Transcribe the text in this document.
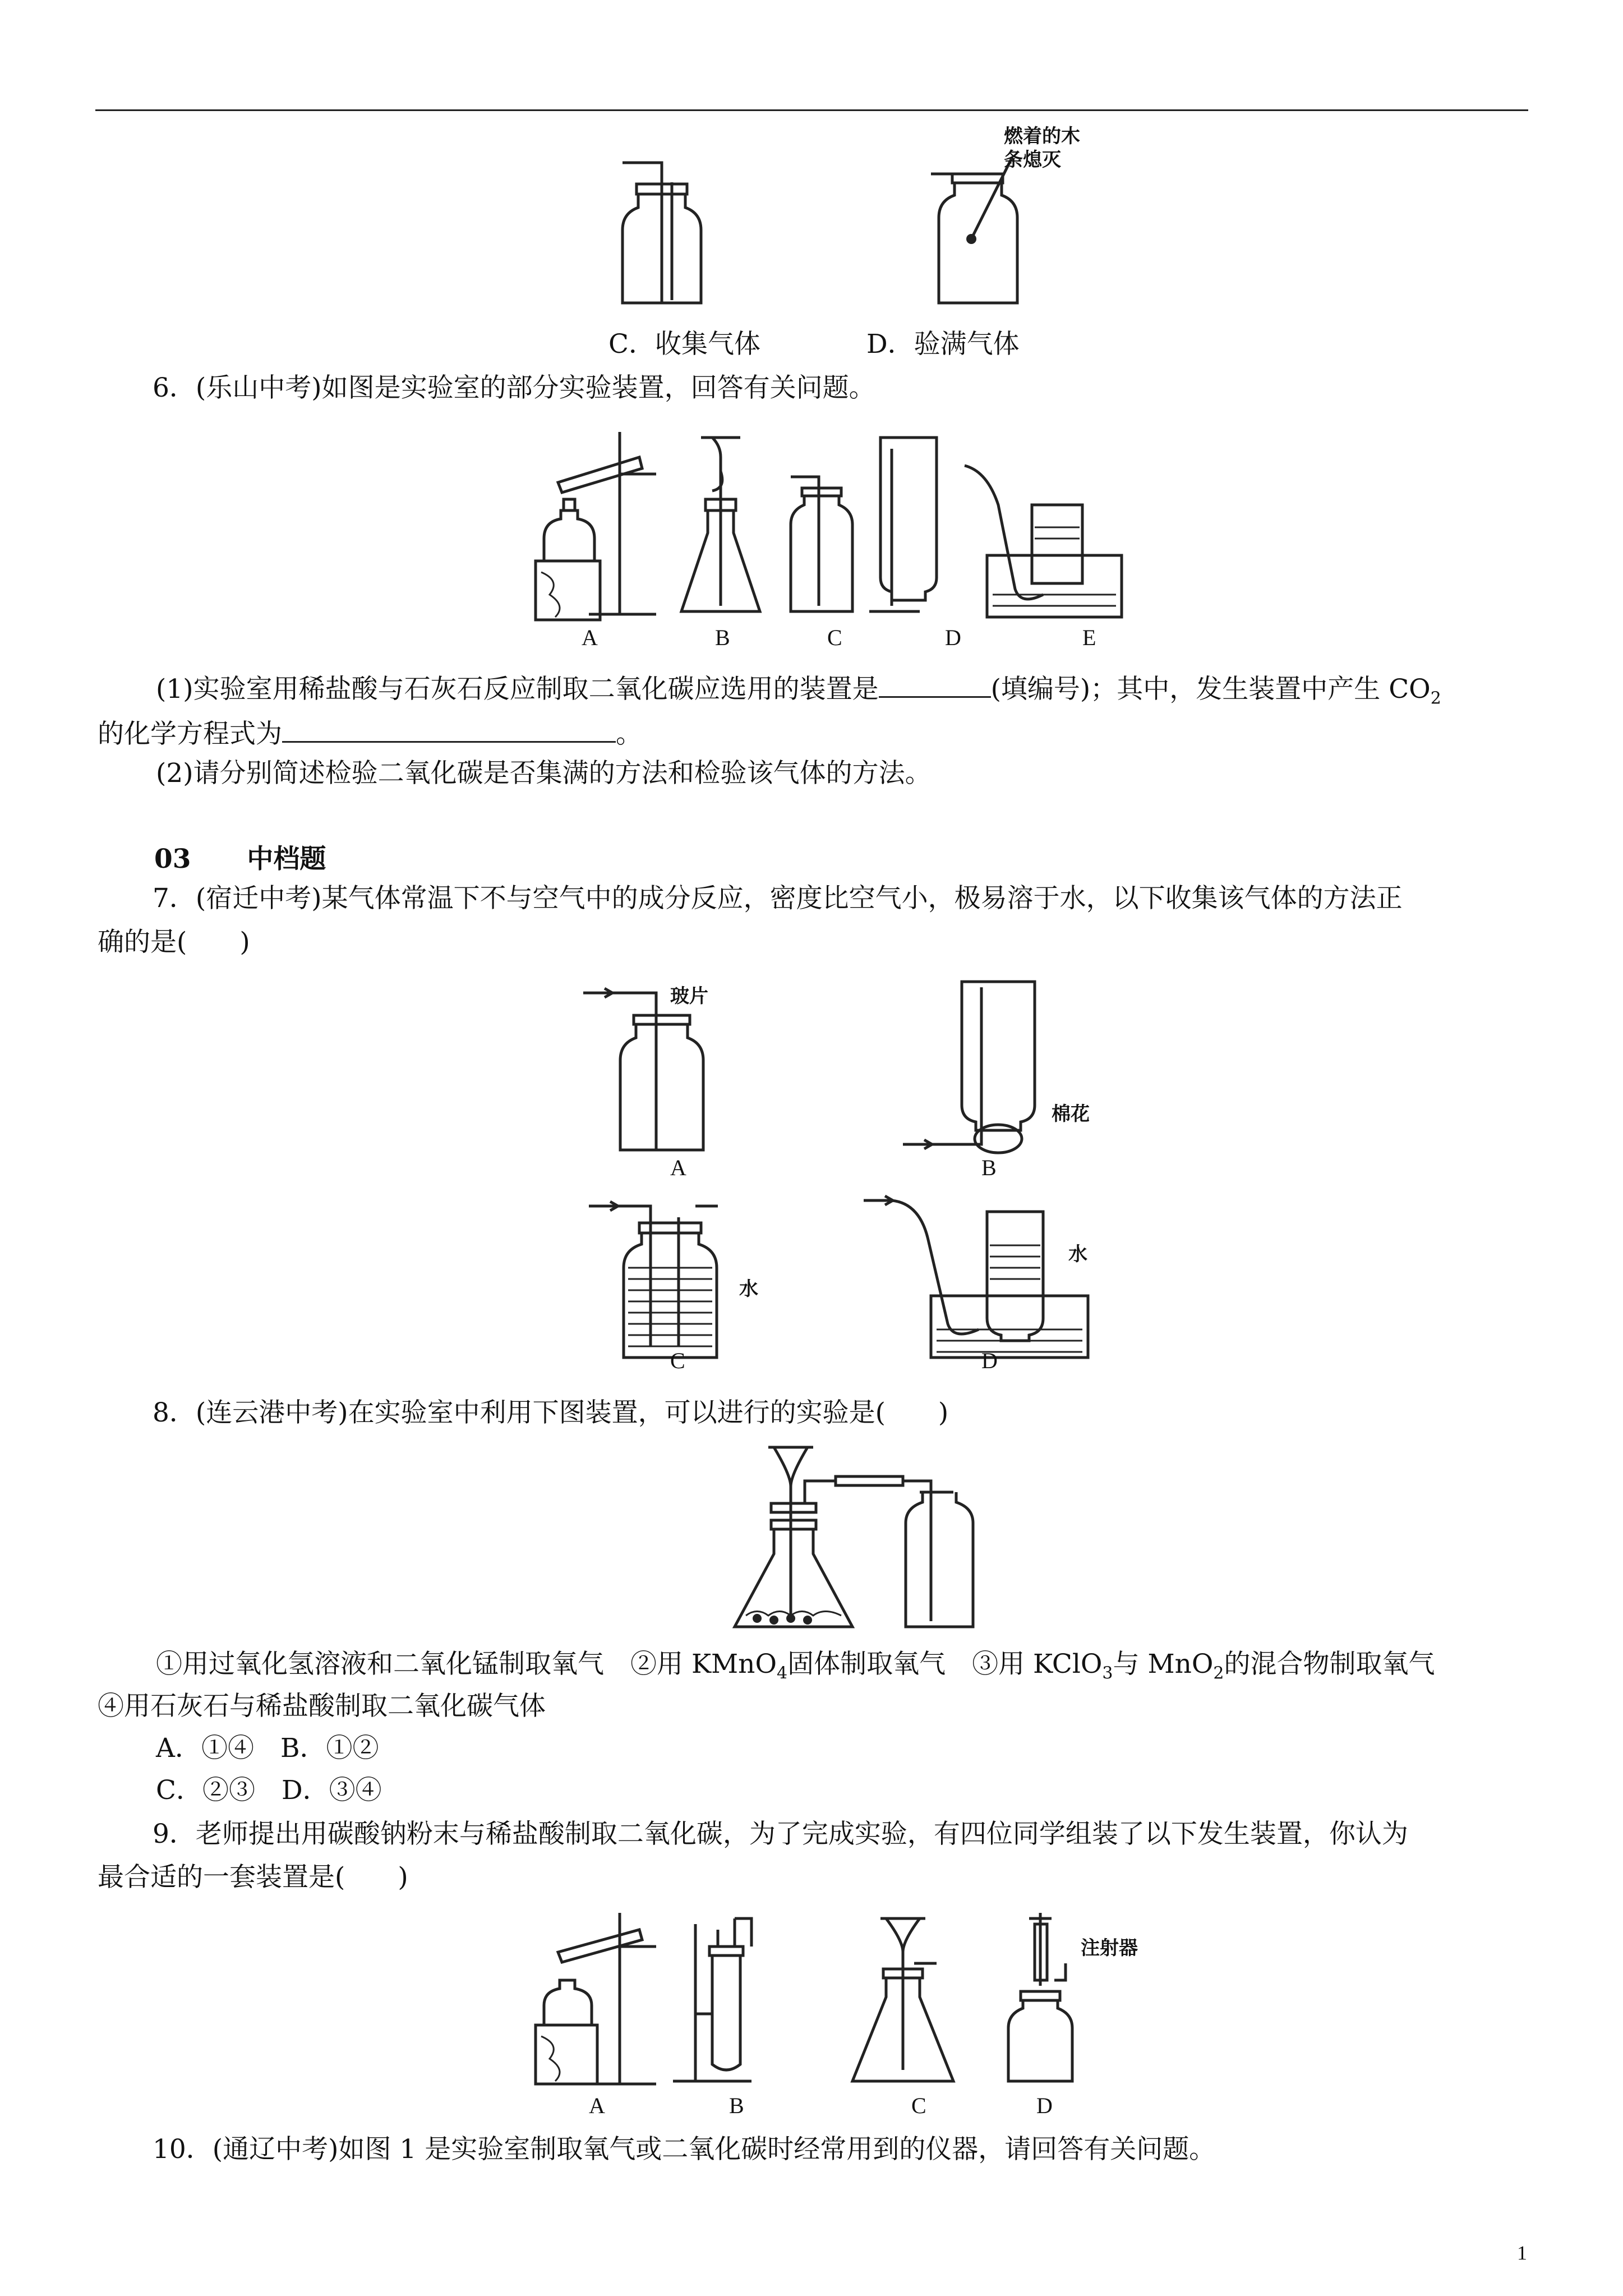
燃着的木
条熄灭
C．收集气体	D．验满气体
6．(乐山中考)如图是实验室的部分实验装置，回答有关问题。
A	B	C	D	E
(1)实验室用稀盐酸与石灰石反应制取二氧化碳应选用的装置是	(填编号)；其中，发生装置中产生 $CO_2$
的化学方程式为	。
(2)请分别简述检验二氧化碳是否集满的方法和检验该气体的方法。
03 中档题
7．(宿迁中考)某气体常温下不与空气中的成分反应，密度比空气小，极易溶于水，以下收集该气体的方法正
确的是(　　)
玻片
棉花
A	B
水
水
C	D
8．(连云港中考)在实验室中利用下图装置，可以进行的实验是(　　)
①用过氧化氢溶液和二氧化锰制取氧气　②用 KMnO$_4$固体制取氧气　③用 KClO$_3$与 MnO$_2$的混合物制取氧气
④用石灰石与稀盐酸制取二氧化碳气体
A．①④　B．①②
C．②③　D．③④
9．老师提出用碳酸钠粉末与稀盐酸制取二氧化碳，为了完成实验，有四位同学组装了以下发生装置，你认为
最合适的一套装置是(　　)
注射器
A	B	C	D
10．(通辽中考)如图 1 是实验室制取氧气或二氧化碳时经常用到的仪器，请回答有关问题。
1
